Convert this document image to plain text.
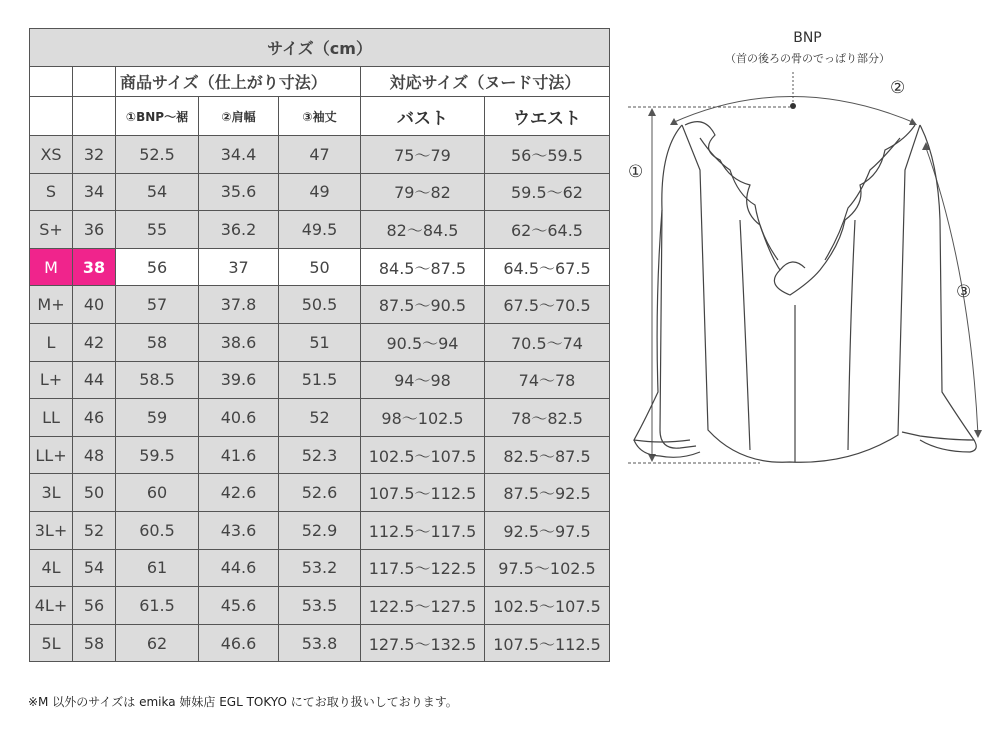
サイズ（cm）						
		商品サイズ（仕上がり寸法）			対応サイズ（ヌード寸法）	
		①BNP〜裾	②肩幅	③袖丈	バスト	ウエスト
XS	32	52.5	34.4	47	75〜79	56〜59.5
S	34	54	35.6	49	79〜82	59.5〜62
S+	36	55	36.2	49.5	82〜84.5	62〜64.5
M	38	56	37	50	84.5〜87.5	64.5〜67.5
M+	40	57	37.8	50.5	87.5〜90.5	67.5〜70.5
L	42	58	38.6	51	90.5〜94	70.5〜74
L+	44	58.5	39.6	51.5	94〜98	74〜78
LL	46	59	40.6	52	98〜102.5	78〜82.5
LL+	48	59.5	41.6	52.3	102.5〜107.5	82.5〜87.5
3L	50	60	42.6	52.6	107.5〜112.5	87.5〜92.5
3L+	52	60.5	43.6	52.9	112.5〜117.5	92.5〜97.5
4L	54	61	44.6	53.2	117.5〜122.5	97.5〜102.5
4L+	56	61.5	45.6	53.5	122.5〜127.5	102.5〜107.5
5L	58	62	46.6	53.8	127.5〜132.5	107.5〜112.5
BNP
（首の後ろの骨のでっぱり部分）
①
②
③
※M 以外のサイズは emika 姉妹店 EGL TOKYO にてお取り扱いしております。
